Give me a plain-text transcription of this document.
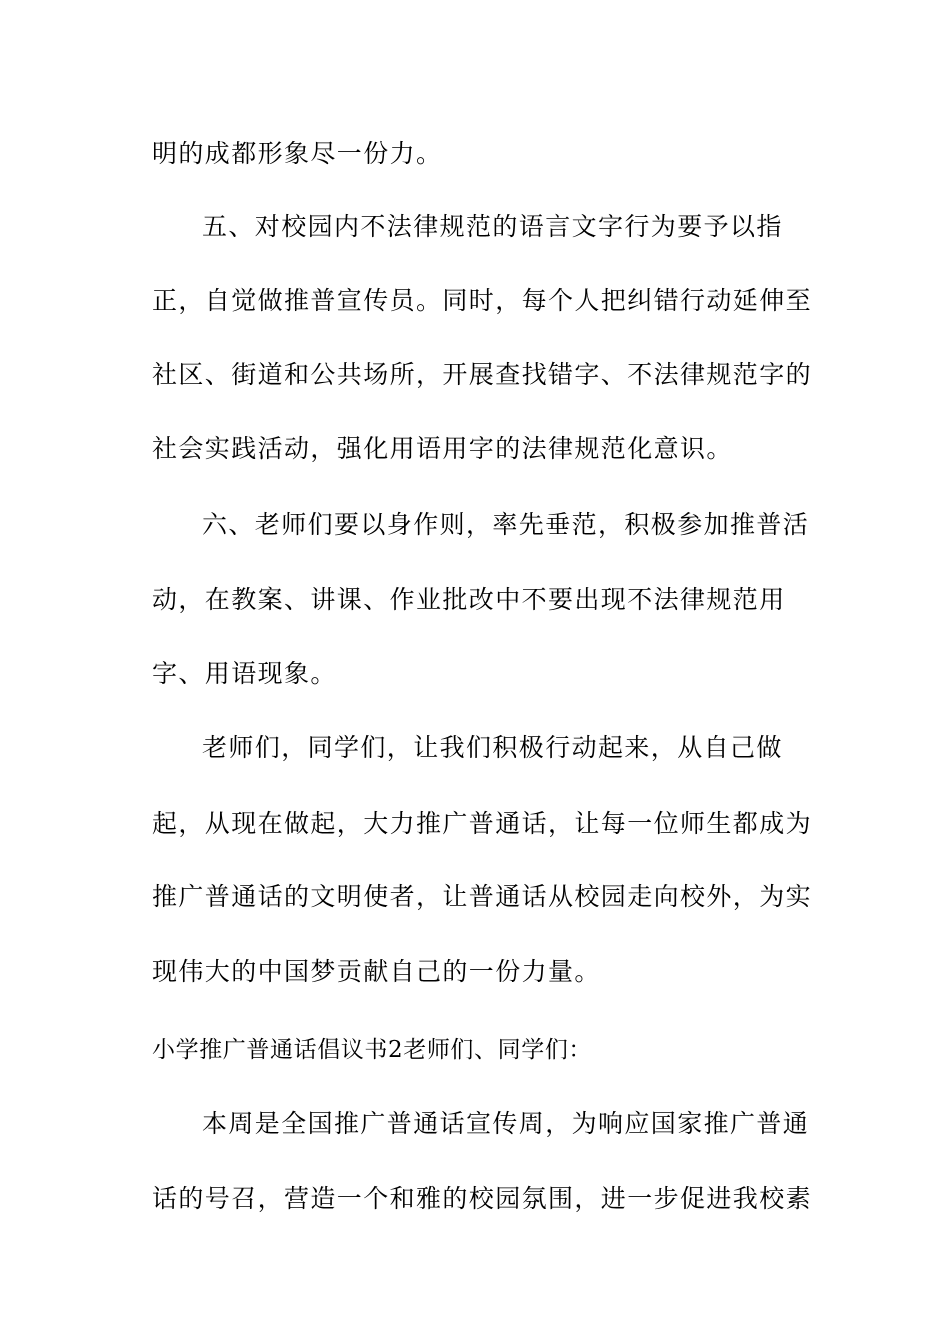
明的成都形象尽一份力。

五、对校园内不法律规范的语言文字行为要予以指

正，自觉做推普宣传员。同时，每个人把纠错行动延伸至

社区、街道和公共场所，开展查找错字、不法律规范字的

社会实践活动，强化用语用字的法律规范化意识。

六、老师们要以身作则，率先垂范，积极参加推普活

动，在教案、讲课、作业批改中不要出现不法律规范用

字、用语现象。

老师们，同学们，让我们积极行动起来，从自己做

起，从现在做起，大力推广普通话，让每一位师生都成为

推广普通话的文明使者，让普通话从校园走向校外，为实

现伟大的中国梦贡献自己的一份力量。

小学推广普通话倡议书2老师们、同学们：

本周是全国推广普通话宣传周，为响应国家推广普通

话的号召，营造一个和雅的校园氛围，进一步促进我校素
